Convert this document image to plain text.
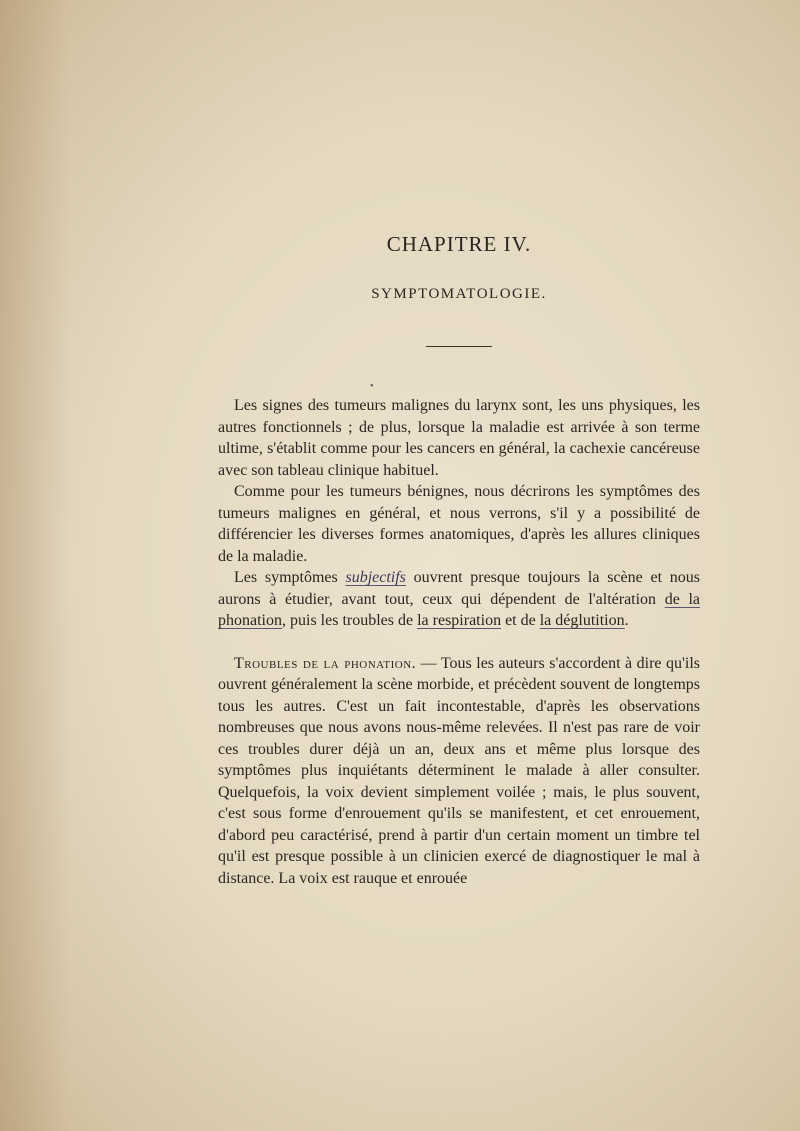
CHAPITRE IV.
SYMPTOMATOLOGIE.
•

Les signes des tumeurs malignes du larynx sont, les uns physiques, les autres fonctionnels ; de plus, lorsque la maladie est arrivée à son terme ultime, s'établit comme pour les cancers en général, la cachexie cancéreuse avec son tableau clinique habituel.

Comme pour les tumeurs bénignes, nous décrirons les symptômes des tumeurs malignes en général, et nous verrons, s'il y a possibilité de différencier les diverses formes anatomiques, d'après les allures cliniques de la maladie.

Les symptômes subjectifs ouvrent presque toujours la scène et nous aurons à étudier, avant tout, ceux qui dépendent de l'altération de la phonation, puis les troubles de la respiration et de la déglutition.

Troubles de la phonation. — Tous les auteurs s'accordent à dire qu'ils ouvrent généralement la scène morbide, et précèdent souvent de longtemps tous les autres. C'est un fait incontestable, d'après les observations nombreuses que nous avons nous-même relevées. Il n'est pas rare de voir ces troubles durer déjà un an, deux ans et même plus lorsque des symptômes plus inquiétants déterminent le malade à aller consulter. Quelquefois, la voix devient simplement voilée ; mais, le plus souvent, c'est sous forme d'enrouement qu'ils se manifestent, et cet enrouement, d'abord peu caractérisé, prend à partir d'un certain moment un timbre tel qu'il est presque possible à un clinicien exercé de diagnostiquer le mal à distance. La voix est rauque et enrouée
